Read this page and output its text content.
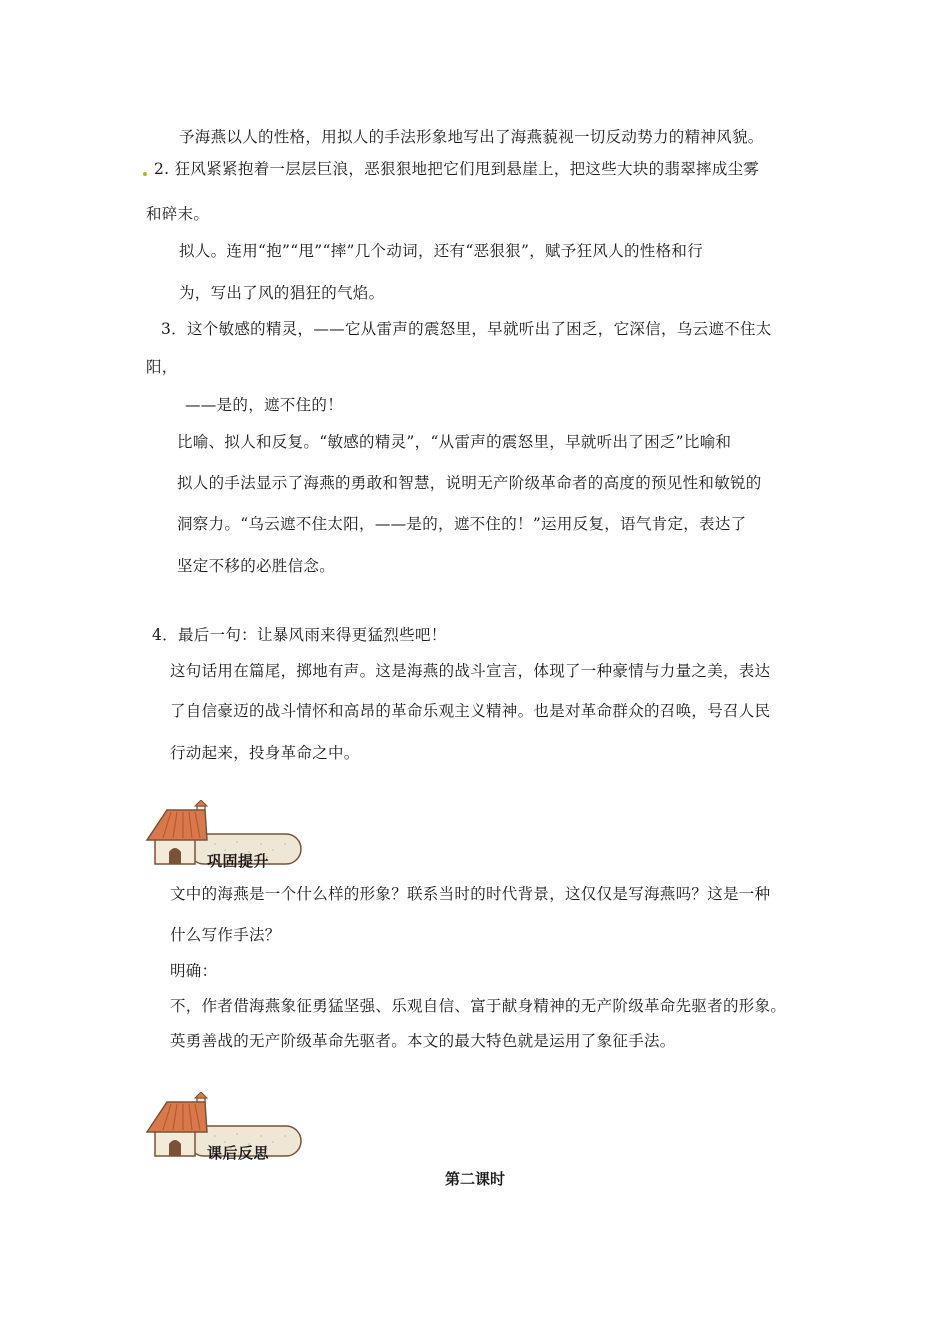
予海燕以人的性格，用拟人的手法形象地写出了海燕藐视一切反动势力的精神风貌。
2. 狂风紧紧抱着一层层巨浪，恶狠狠地把它们甩到悬崖上，把这些大块的翡翠摔成尘雾
和碎末。
拟人。连用“抱”“甩”“摔”几个动词，还有“恶狠狠”，赋予狂风人的性格和行
为，写出了风的猖狂的气焰。
3．这个敏感的精灵，——它从雷声的震怒里，早就听出了困乏，它深信，乌云遮不住太
阳，
——是的，遮不住的！
比喻、拟人和反复。“敏感的精灵”，“从雷声的震怒里，早就听出了困乏”比喻和
拟人的手法显示了海燕的勇敢和智慧，说明无产阶级革命者的高度的预见性和敏锐的
洞察力。“乌云遮不住太阳，——是的，遮不住的！”运用反复，语气肯定，表达了
坚定不移的必胜信念。
4．最后一句：让暴风雨来得更猛烈些吧！
这句话用在篇尾，掷地有声。这是海燕的战斗宣言，体现了一种豪情与力量之美，表达
了自信豪迈的战斗情怀和高昂的革命乐观主义精神。也是对革命群众的召唤，号召人民
行动起来，投身革命之中。
巩固提升
文中的海燕是一个什么样的形象？联系当时的时代背景，这仅仅是写海燕吗？这是一种
什么写作手法？
明确：
不，作者借海燕象征勇猛坚强、乐观自信、富于献身精神的无产阶级革命先驱者的形象。
英勇善战的无产阶级革命先驱者。本文的最大特色就是运用了象征手法。
课后反思
第二课时
